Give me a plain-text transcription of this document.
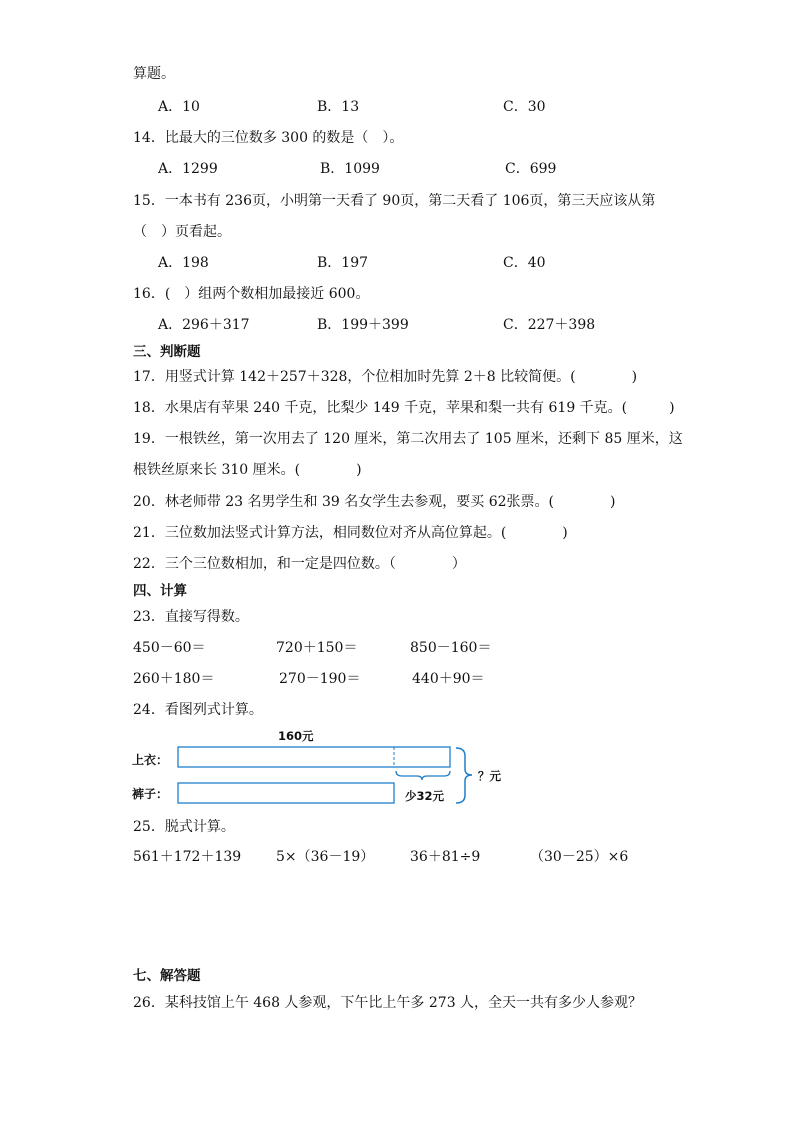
算题。
A．10	B．13	C．30
14．比最大的三位数多 300 的数是（　）。
A．1299	B．1099	C．699
15．一本书有 236页，小明第一天看了 90页，第二天看了 106页，第三天应该从第
（　）页看起。
A．198	B．197	C．40
16．(　）组两个数相加最接近 600。
A．296＋317	B．199＋399	C．227＋398
三、判断题
17．用竖式计算 142＋257＋328，个位相加时先算 2＋8 比较简便。(　　　　)
18．水果店有苹果 240 千克，比梨少 149 千克，苹果和梨一共有 619 千克。(　　　)
19．一根铁丝，第一次用去了 120 厘米，第二次用去了 105 厘米，还剩下 85 厘米，这
根铁丝原来长 310 厘米。(　　　　)
20．林老师带 23 名男学生和 39 名女学生去参观，要买 62张票。(　　　　)
21．三位数加法竖式计算方法，相同数位对齐从高位算起。(　　　　)
22．三个三位数相加，和一定是四位数。（　　　　）
四、计算
23．直接写得数。
450－60＝	720＋150＝	850－160＝
260＋180＝	270－190＝	440＋90＝
24．看图列式计算。
160元
上衣：
裤子：	少32元
？元
25．脱式计算。
561＋172＋139 5×（36－19）	36＋81÷9	（30－25）×6
七、解答题
26．某科技馆上午 468 人参观，下午比上午多 273 人，全天一共有多少人参观？
